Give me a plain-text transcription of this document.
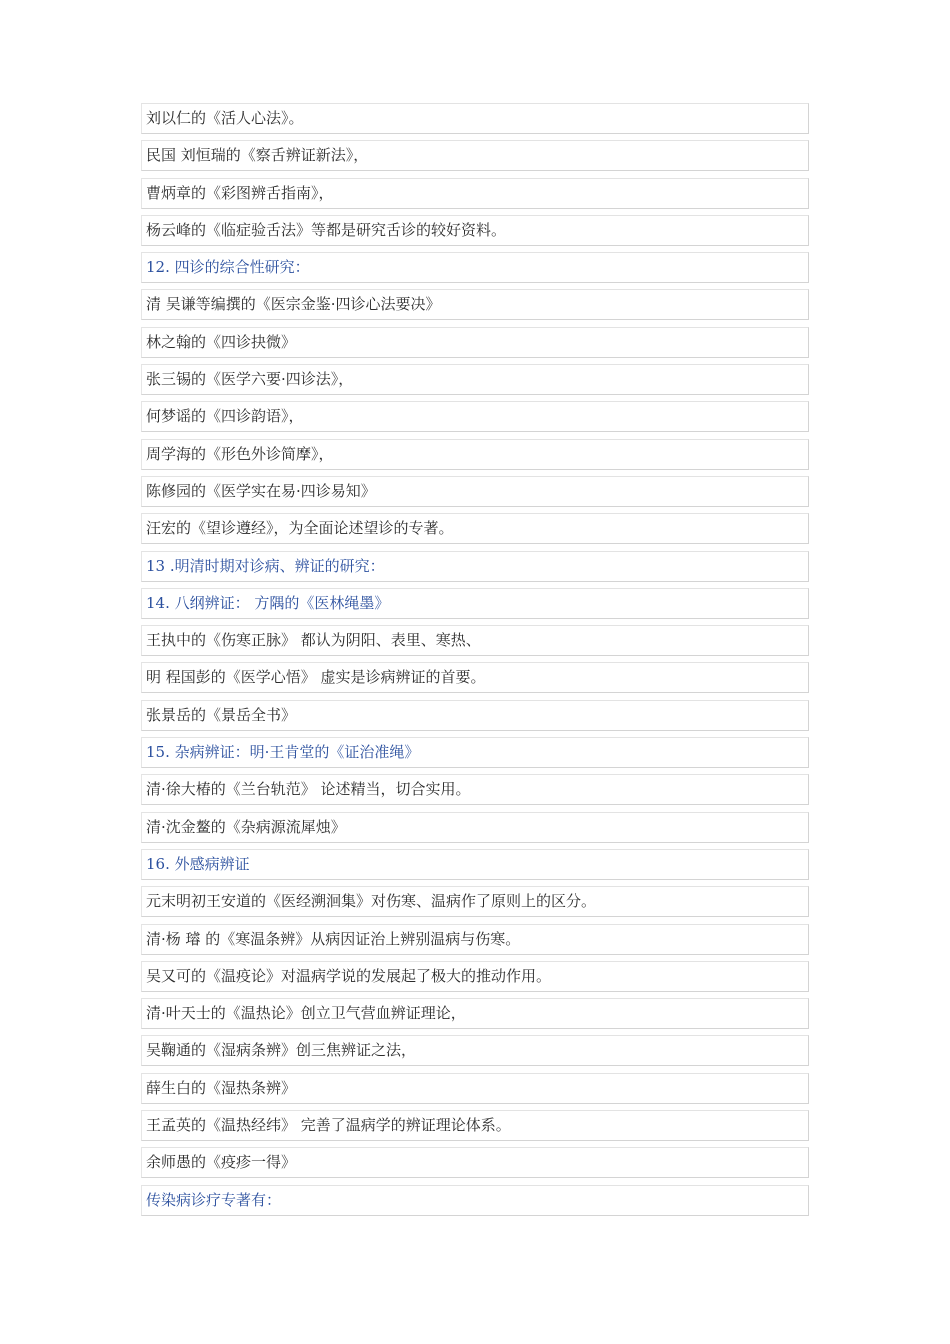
刘以仁的《活人心法》。
民国 刘恒瑞的《察舌辨证新法》，
曹炳章的《彩图辨舌指南》，
杨云峰的《临症验舌法》等都是研究舌诊的较好资料。
12. 四诊的综合性研究：
清 吴谦等编撰的《医宗金鉴·四诊心法要决》
林之翰的《四诊抉微》
张三锡的《医学六要·四诊法》，
何梦谣的《四诊韵语》，
周学海的《形色外诊简摩》，
陈修园的《医学实在易·四诊易知》
汪宏的《望诊遵经》，为全面论述望诊的专著。
13 .明清时期对诊病、辨证的研究：
14. 八纲辨证： 方隅的《医林绳墨》
王执中的《伤寒正脉》 都认为阴阳、表里、寒热、
明 程国彭的《医学心悟》 虚实是诊病辨证的首要。
张景岳的《景岳全书》
15. 杂病辨证：明·王肯堂的《证治准绳》
清·徐大椿的《兰台轨范》 论述精当，切合实用。
清·沈金鳌的《杂病源流犀烛》
16. 外感病辨证
元末明初王安道的《医经溯洄集》对伤寒、温病作了原则上的区分。
清·杨 璿 的《寒温条辨》从病因证治上辨别温病与伤寒。
吴又可的《温疫论》对温病学说的发展起了极大的推动作用。
清·叶天士的《温热论》创立卫气营血辨证理论，
吴鞠通的《湿病条辨》创三焦辨证之法，
薛生白的《湿热条辨》
王孟英的《温热经纬》 完善了温病学的辨证理论体系。
余师愚的《疫疹一得》
传染病诊疗专著有：
